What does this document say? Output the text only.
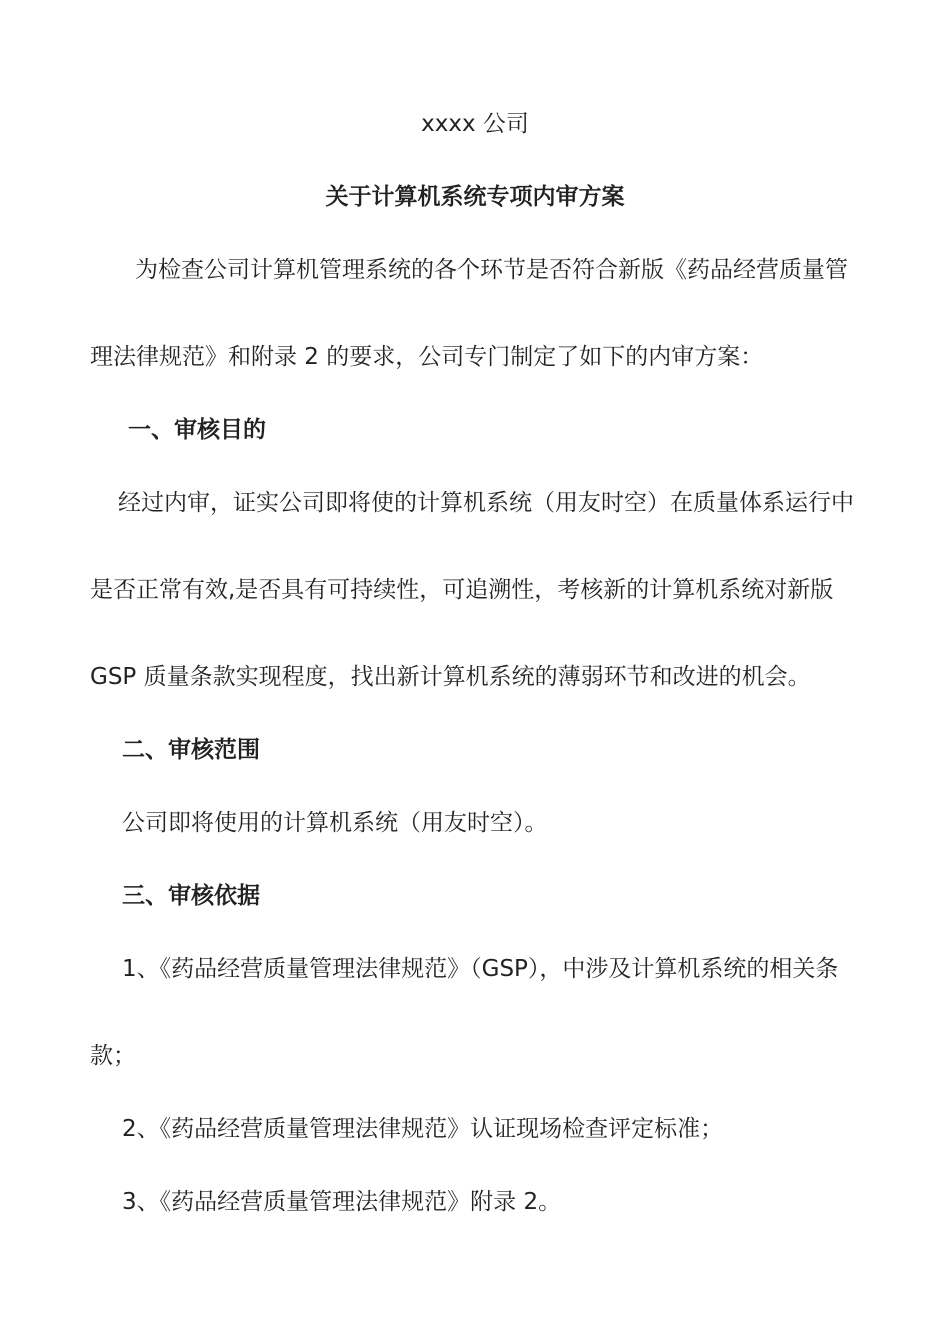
xxxx 公司
关于计算机系统专项内审方案
为检查公司计算机管理系统的各个环节是否符合新版《药品经营质量管
理法律规范》和附录 2 的要求，公司专门制定了如下的内审方案：
一、审核目的
经过内审，证实公司即将使的计算机系统（用友时空）在质量体系运行中
是否正常有效,是否具有可持续性，可追溯性，考核新的计算机系统对新版
GSP 质量条款实现程度，找出新计算机系统的薄弱环节和改进的机会。
二、审核范围
公司即将使用的计算机系统（用友时空）。
三、审核依据
1、《药品经营质量管理法律规范》（GSP），中涉及计算机系统的相关条
款；
2、《药品经营质量管理法律规范》认证现场检查评定标准；
3、《药品经营质量管理法律规范》附录 2。
